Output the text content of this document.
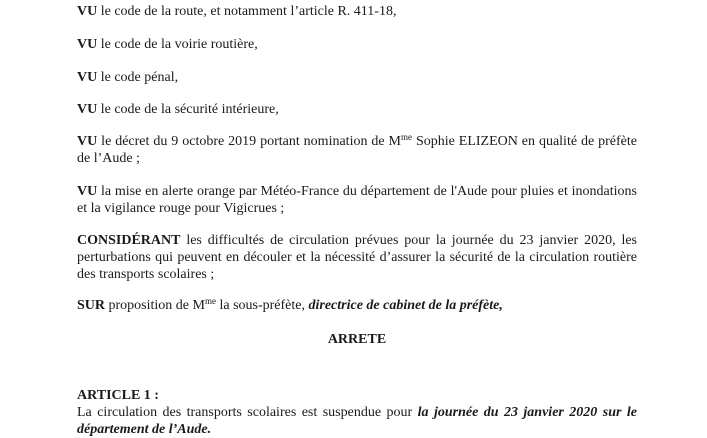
VU le code de la route, et notamment l’article R. 411-18,

VU le code de la voirie routière,

VU le code pénal,

VU le code de la sécurité intérieure,

VU le décret du 9 octobre 2019 portant nomination de $M^{me}$ Sophie ELIZEON en qualité de préfète de l’Aude ;

VU la mise en alerte orange par Météo-France du département de l'Aude pour pluies et inondations et la vigilance rouge pour Vigicrues ;

CONSIDÉRANT les difficultés de circulation prévues pour la journée du 23 janvier 2020, les perturbations qui peuvent en découler et la nécessité d’assurer la sécurité de la circulation routière des transports scolaires ;

SUR proposition de $M^{me}$ la sous-préfète, directrice de cabinet de la préfète,

ARRETE

ARTICLE 1 :

La circulation des transports scolaires est suspendue pour la journée du 23 janvier 2020 sur le département de l’Aude.
